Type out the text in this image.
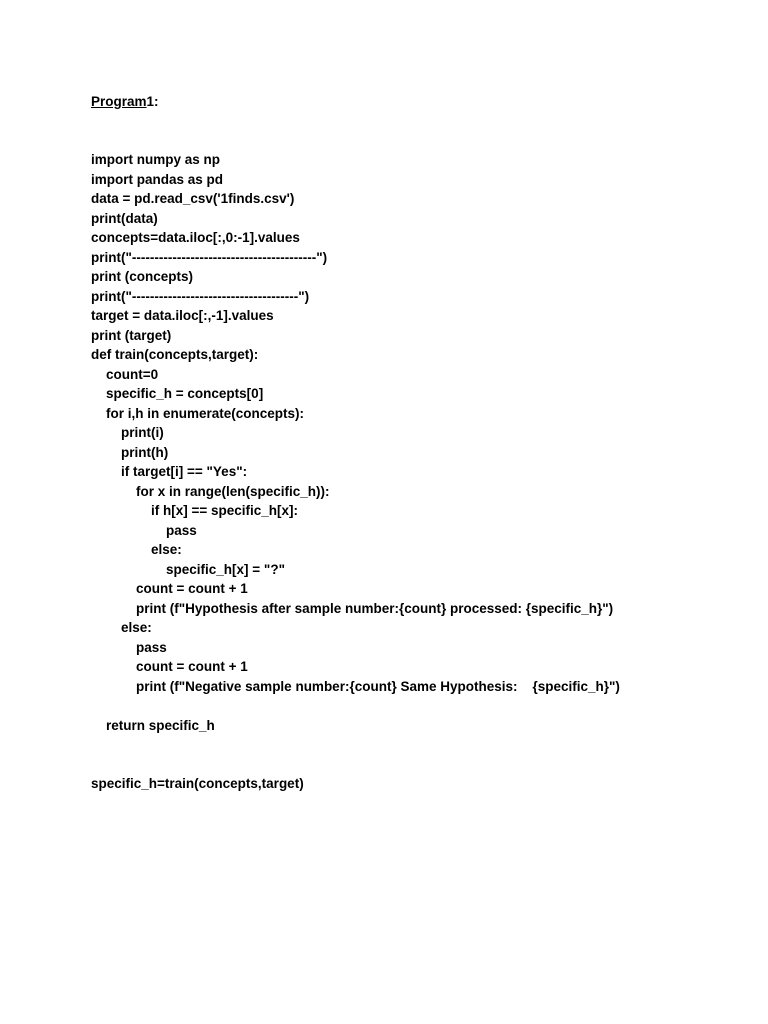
Program1:
import numpy as np
import pandas as pd
data = pd.read_csv('1finds.csv')
print(data)
concepts=data.iloc[:,0:-1].values
print("-----------------------------------------")
print (concepts)
print("-------------------------------------")
target = data.iloc[:,-1].values
print (target)
def train(concepts,target):
count=0
specific_h = concepts[0]
for i,h in enumerate(concepts):
print(i)
print(h)
if target[i] == "Yes":
for x in range(len(specific_h)):
if h[x] == specific_h[x]:
pass
else:
specific_h[x] = "?"
count = count + 1
print (f"Hypothesis after sample number:{count} processed: {specific_h}")
else:
pass
count = count + 1
print (f"Negative sample number:{count} Same Hypothesis:    {specific_h}")
return specific_h
specific_h=train(concepts,target)
